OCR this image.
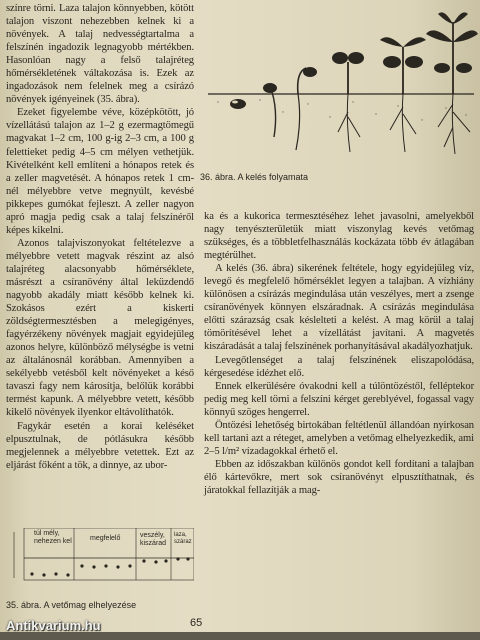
36. ábra. A kelés folyamata

színre törni. Laza talajon könnyebben, kötött talajon viszont nehezebben kelnek ki a növények. A talaj nedvességtartalma a felszínén ingadozik legnagyobb mértékben. Hasonlóan nagy a felső talajréteg hőmérsékletének váltakozása is. Ezek az ingadozások nem felelnek meg a csírázó növények igényeinek (35. ábra).

Ezeket figyelembe véve, középkötött, jó vízellátású talajon az 1–2 g ezermagtömegű magvakat 1–2 cm, 100 g-ig 2–3 cm, a 100 g felettieket pedig 4–5 cm mélyen vethetjük. Kivételként kell említeni a hónapos retek és a zeller magvetését. A hónapos retek 1 cm-nél mélyebbre vetve megnyúlt, kevésbé pikkepes gumókat fejleszt. A zeller nagyon apró magja pedig csak a talaj felszínéről képes kikelni.

Azonos talajviszonyokat feltételezve a mélyebbre vetett magvak részint az alsó talajréteg alacsonyabb hőmérséklete, másrészt a csíranövény által leküzdendő nagyobb akadály miatt később kelnek ki. Szokásos ezért a kiskerti zöldségtermesztésben a melegigényes, fagyérzékeny növények magjait egyidejűleg azonos helyre, különböző mélységbe is vetni az általánosnál korábban. Amennyiben a sekélyebb vetésből kelt növényeket a késő tavaszi fagy nem károsítja, belőlük korábbi termést kapunk. A mélyebbre vetett, később kikelő növények ilyenkor eltávolíthatók.

Fagykár esetén a korai keléséket elpusztulnak, de pótlásukra később megjelennek a mélyebbre vetettek. Ezt az eljárást főként a tök, a dinnye, az ubor-

túl mély, nehezen kel	megfelelő	veszély, kiszárad
laza, száraz
35. ábra. A vetőmag elhelyezése

ka és a kukorica termesztéséhez lehet javasolni, amelyekből nagy tenyészterületük miatt viszonylag kevés vetőmag szükséges, és a többletfelhasználás kockázata több év átlagában megtérülhet.

A kelés (36. ábra) sikerének feltétele, hogy egyidejűleg víz, levegő és megfelelő hőmérséklet legyen a talajban. A vízhiány különösen a csírázás megindulása után veszélyes, mert a zsenge csíranövények könnyen elszáradnak. A csírázás megindulása előtti szárazság csak késlelteti a kelést. A mag körül a talaj tömörítésével lehet a vízellátást javítani. A magvetés kiszáradását a talaj felszínének porhanyításával akadályozhatjuk.

Levegőtlenséget a talaj felszínének eliszapolódása, kérgesedése idézhet elő.

Ennek elkerülésére óvakodni kell a túlöntözéstől, felléptekor pedig meg kell törni a felszíni kérget gereblyével, fogassal vagy könnyű szöges hengerrel.

Öntözési lehetőség birtokában feltétlenül állandóan nyirkosan kell tartani azt a réteget, amelyben a vetőmag elhelyezkedik, ami 2–5 l/m² vízadagokkal érhető el.

Ebben az időszakban különös gondot kell fordítani a talajban élő kártevőkre, mert sok csíranövényt elpusztíthatnak, és járatokkal fellazítják a mag-

65
Antikvarium.hu
